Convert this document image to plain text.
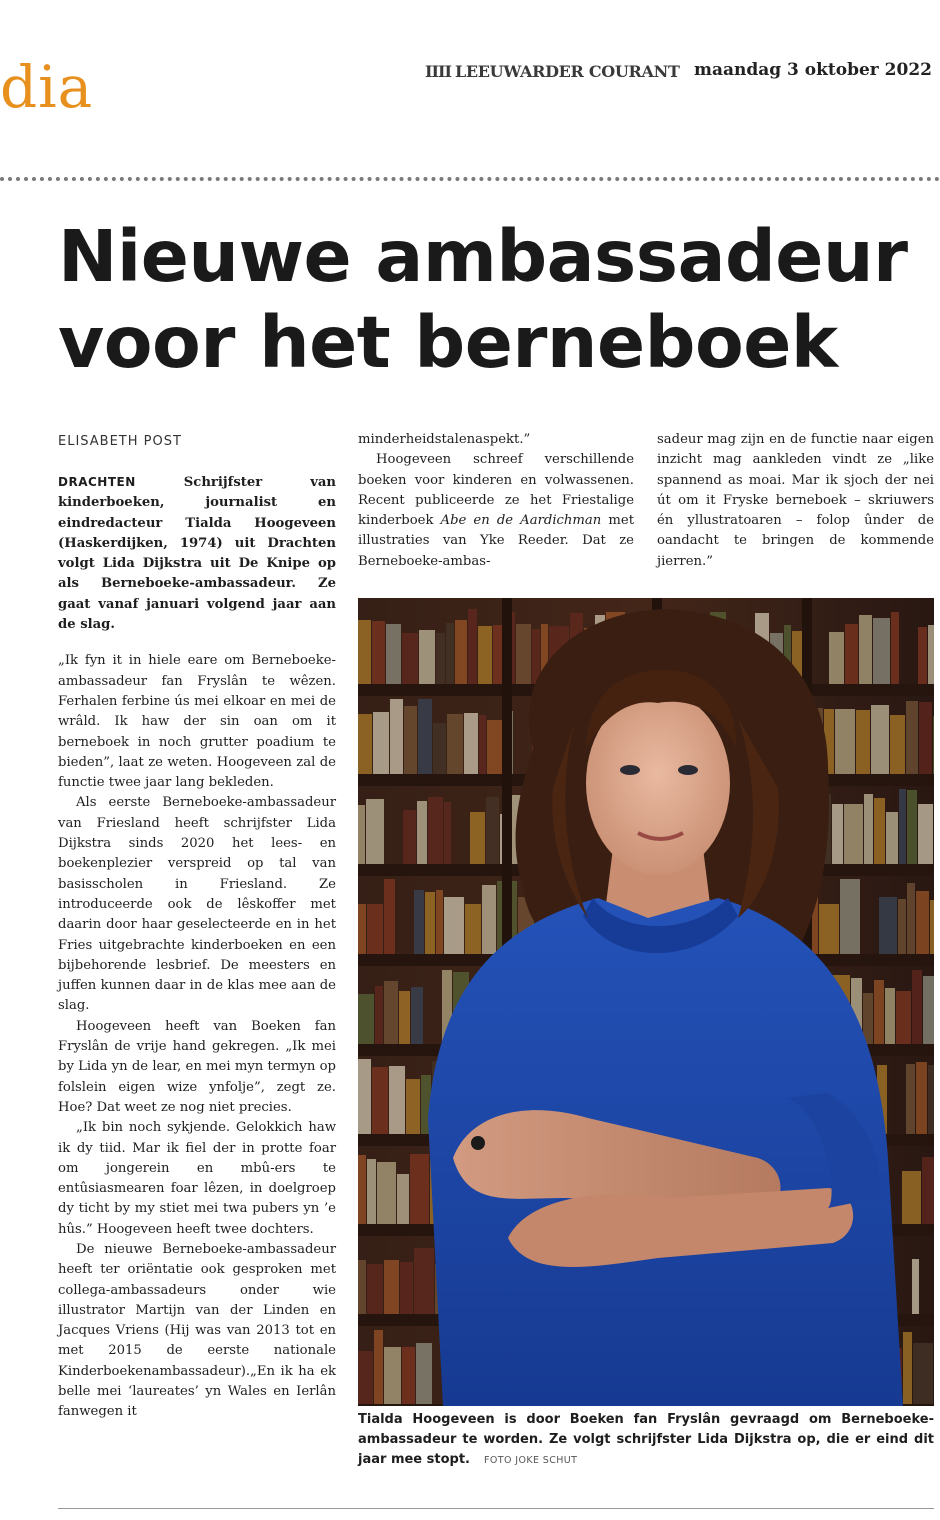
dia	IIII LEEUWARDER COURANT maandag 3 oktober 2022
Nieuwe ambassadeur
voor het berneboek
ELISABETH POST

DRACHTEN	Schrijfster van kinderboeken, journalist en eindredacteur Tialda Hoogeveen (Haskerdijken, 1974) uit Drachten volgt Lida Dijkstra uit De Knipe op als Berneboeke-ambassadeur. Ze gaat vanaf januari volgend jaar aan de slag.

„Ik fyn it in hiele eare om Berneboeke-ambassadeur fan Fryslân te wêzen. Ferhalen ferbine ús mei elkoar en mei de wrâld. Ik haw der sin oan om it berneboek in noch grutter poadium te bieden”, laat ze weten. Hoogeveen zal de functie twee jaar lang bekleden.

Als eerste Berneboeke-ambassadeur van Friesland heeft schrijfster Lida Dijkstra sinds 2020 het lees- en boekenplezier verspreid op tal van basisscholen in Friesland. Ze introduceerde ook de lêskoffer met daarin door haar geselecteerde en in het Fries uitgebrachte kinderboeken en een bijbehorende lesbrief. De meesters en juffen kunnen daar in de klas mee aan de slag.

Hoogeveen heeft van Boeken fan Fryslân de vrije hand gekregen. „Ik mei by Lida yn de lear, en mei myn termyn op folslein eigen wize ynfolje”, zegt ze. Hoe? Dat weet ze nog niet precies.

„Ik bin noch sykjende. Gelokkich haw ik dy tiid. Mar ik fiel der in protte foar om jongerein en mbû-ers te entûsiasmearen foar lêzen, in doelgroep dy ticht by my stiet mei twa pubers yn ’e hûs.” Hoogeveen heeft twee dochters.

De nieuwe Berneboeke-ambassadeur heeft ter oriëntatie ook gesproken met collega-ambassadeurs onder wie illustrator Martijn van der Linden en Jacques Vriens (Hij was van 2013 tot en met 2015 de eerste nationale Kinderboekenambassadeur).„En ik ha ek belle mei ‘laureates’ yn Wales en Ierlân fanwegen it

minderheidstalenaspekt.”

Hoogeveen schreef verschillende boeken voor kinderen en volwassenen. Recent publiceerde ze het Friestalige kinderboek Abe en de Aardichman met illustraties van Yke Reeder. Dat ze Berneboeke-ambas-

sadeur mag zijn en de functie naar eigen inzicht mag aankleden vindt ze „like spannend as moai. Mar ik sjoch der nei út om it Fryske berneboek – skriuwers én yllustratoaren – folop ûnder de oandacht te bringen de kommende jierren.”

Tialda Hoogeveen is door Boeken fan Fryslân gevraagd om Berneboeke-ambassadeur te worden. Ze volgt schrijfster Lida Dijkstra op, die er eind dit jaar mee stopt. FOTO JOKE SCHUT
